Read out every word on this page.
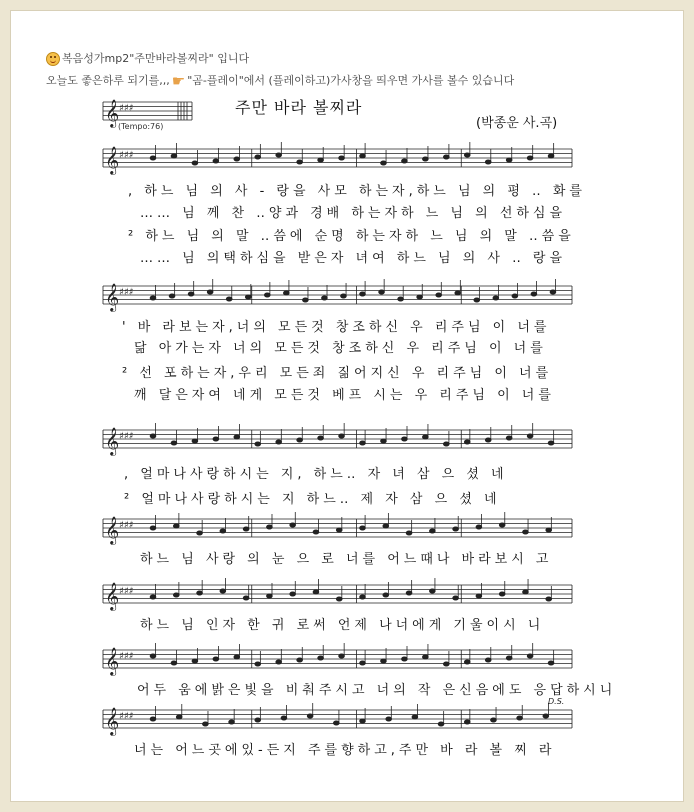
복음성가mp2"주만바라볼찌라" 입니다
오늘도 좋은하루 되기를,,, ☛ "곰-플레이"에서 (플레이하고)가사창을 띄우면 가사를 볼수 있습니다
𝄞 ♯♯♯
𝄞 ♯♯♯
𝄞 ♯♯♯
𝄞 ♯♯♯
𝄞 ♯♯♯
𝄞 ♯♯♯
𝄞 ♯♯♯
𝄞 ♯♯♯
주만 바라 볼찌라
(박종운 사.곡)
(Tempo:76)
D.S.
, 하느 님 의 사 - 랑을 사모 하는자,하느 님 의 평 ‥ 화를
…… 님 께 찬 ‥양과 경배 하는자하 느 님 의 선하심을
² 하느 님 의 말 ‥씀에 순명 하는자하 느 님 의 말 ‥씀을
…… 님 의택하심을 받은자 녀여 하느 님 의 사 ‥ 랑을
' 바 라보는자,너의 모든것 창조하신 우 리주님 이 너를
닮 아가는자 너의 모든것 창조하신 우 리주님 이 너를
² 선 포하는자,우리 모든죄 짊어지신 우 리주님 이 너를
깨 달은자여 네게 모든것 베프 시는 우 리주님 이 너를
, 얼마나사랑하시는 지, 하느‥ 자 녀 삼 으 셨 네
² 얼마나사랑하시는 지 하느‥ 제 자 삼 으 셨 네
하느 님 사랑 의 눈 으 로 너를 어느때나 바라보시 고
하느 님 인자 한 귀 로써 언제 나너에게 기울이시 니
어두 움에밝은빛을 비춰주시고 너의 작 은신음에도 응답하시니
너는 어느곳에있-든지 주를향하고,주만 바 라 볼 찌 라
